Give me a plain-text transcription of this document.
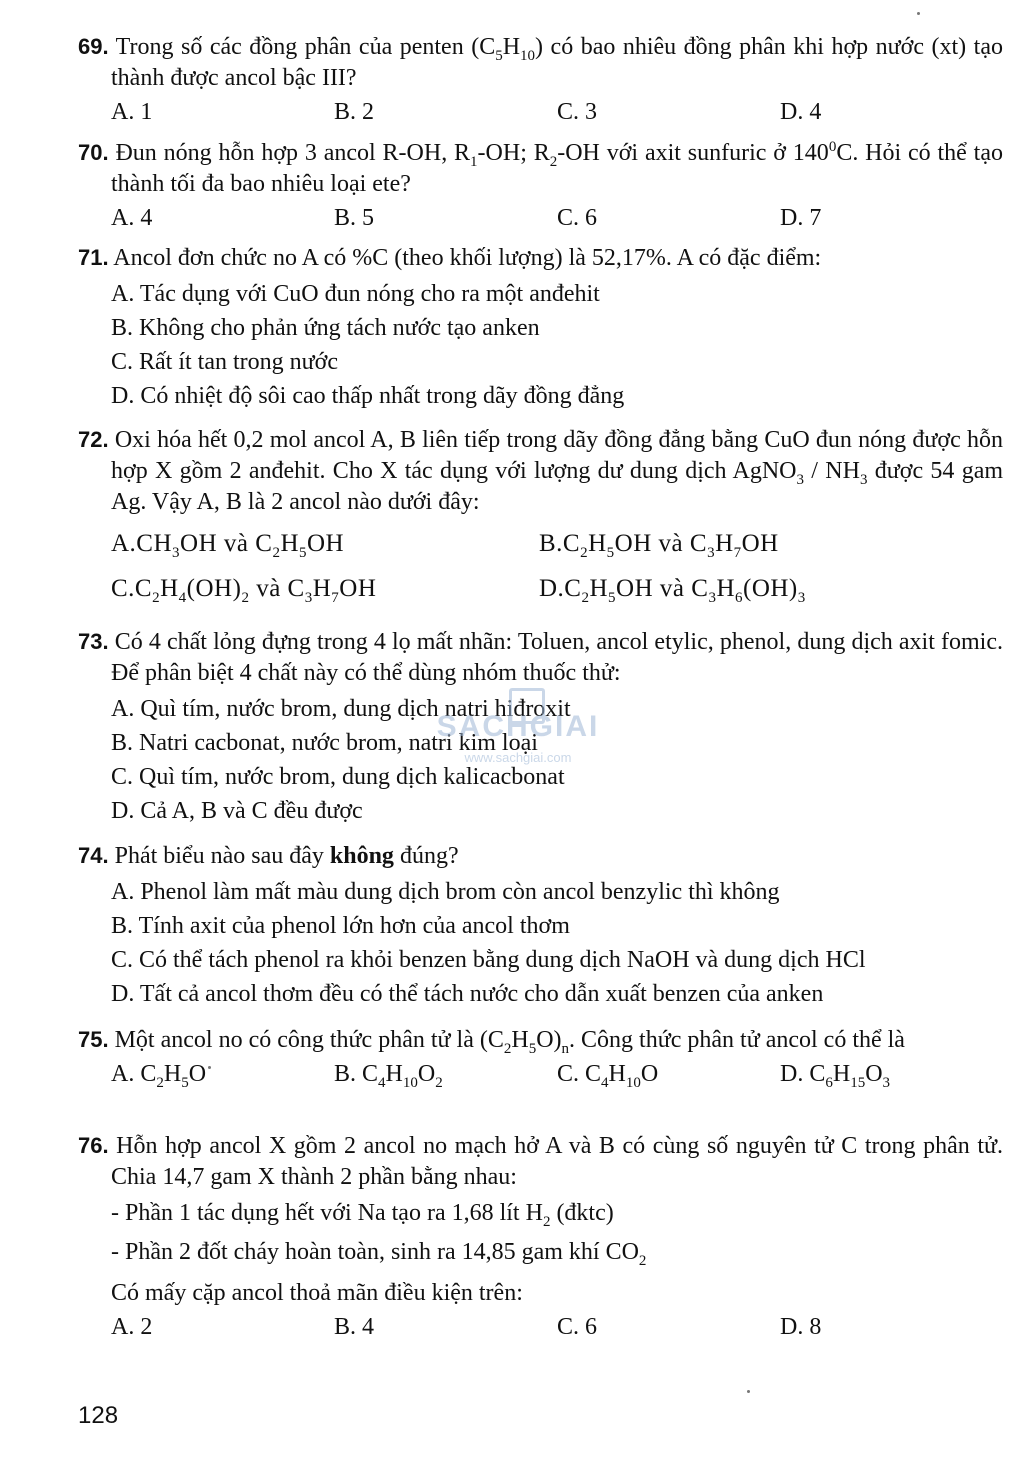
69. Trong số các đồng phân của penten $(C_5H_{10})$ có bao nhiêu đồng phân khi hợp nước (xt) tạo thành được ancol bậc III?
A. 1	B. 2	C. 3	D. 4
70. Đun nóng hỗn hợp 3 ancol R-OH, $R_1-OH$; $R_2-OH$ với axit sunfuric ở $140^0C$. Hỏi có thể tạo thành tối đa bao nhiêu loại ete?
A. 4	B. 5	C. 6	D. 7
71. Ancol đơn chức no A có %C (theo khối lượng) là 52,17%. A có đặc điểm:
A. Tác dụng với CuO đun nóng cho ra một anđehit
B. Không cho phản ứng tách nước tạo anken
C. Rất ít tan trong nước
D. Có nhiệt độ sôi cao thấp nhất trong dãy đồng đẳng
72. Oxi hóa hết 0,2 mol ancol A, B liên tiếp trong dãy đồng đẳng bằng CuO đun nóng được hỗn hợp X gồm 2 anđehit. Cho X tác dụng với lượng dư dung dịch AgNO$_3$ / $NH_3$ được 54 gam Ag. Vậy A, B là 2 ancol nào dưới đây:
$A.CH_3OH$ và $C_2H_5OH$	$B.C_2H_5OH$ và $C_3H_7OH$
$C.C_2H_4(OH)_2$ và $C_3H_7OH$	$D.C_2H_5OH$ và $C_3H_6(OH)_3$
73. Có 4 chất lỏng đựng trong 4 lọ mất nhãn: Toluen, ancol etylic, phenol, dung dịch axit fomic. Để phân biệt 4 chất này có thể dùng nhóm thuốc thử:
A. Quì tím, nước brom, dung dịch natri hiđroxit
B. Natri cacbonat, nước brom, natri kim loại
C. Quì tím, nước brom, dung dịch kalicacbonat
D. Cả A, B và C đều được
74. Phát biểu nào sau đây không đúng?
A. Phenol làm mất màu dung dịch brom còn ancol benzylic thì không
B. Tính axit của phenol lớn hơn của ancol thơm
C. Có thể tách phenol ra khỏi benzen bằng dung dịch NaOH và dung dịch HCl
D. Tất cả ancol thơm đều có thể tách nước cho dẫn xuất benzen của anken
75. Một ancol no có công thức phân tử là $(C_2H_5O)_n$. Công thức phân tử ancol có thể là
A. $C_2H_5O$	B. $C_4H_{10}O_2$	C. $C_4H_{10}O$	D. $C_6H_{15}O_3$
76. Hỗn hợp ancol X gồm 2 ancol no mạch hở A và B có cùng số nguyên tử C trong phân tử. Chia 14,7 gam X thành 2 phần bằng nhau:
- Phần 1 tác dụng hết với Na tạo ra 1,68 lít $H_2$ (đktc)
- Phần 2 đốt cháy hoàn toàn, sinh ra 14,85 gam khí $CO_2$
Có mấy cặp ancol thoả mãn điều kiện trên:
A. 2	B. 4	C. 6	D. 8
SACHGIAI
www.sachgiai.com
128
